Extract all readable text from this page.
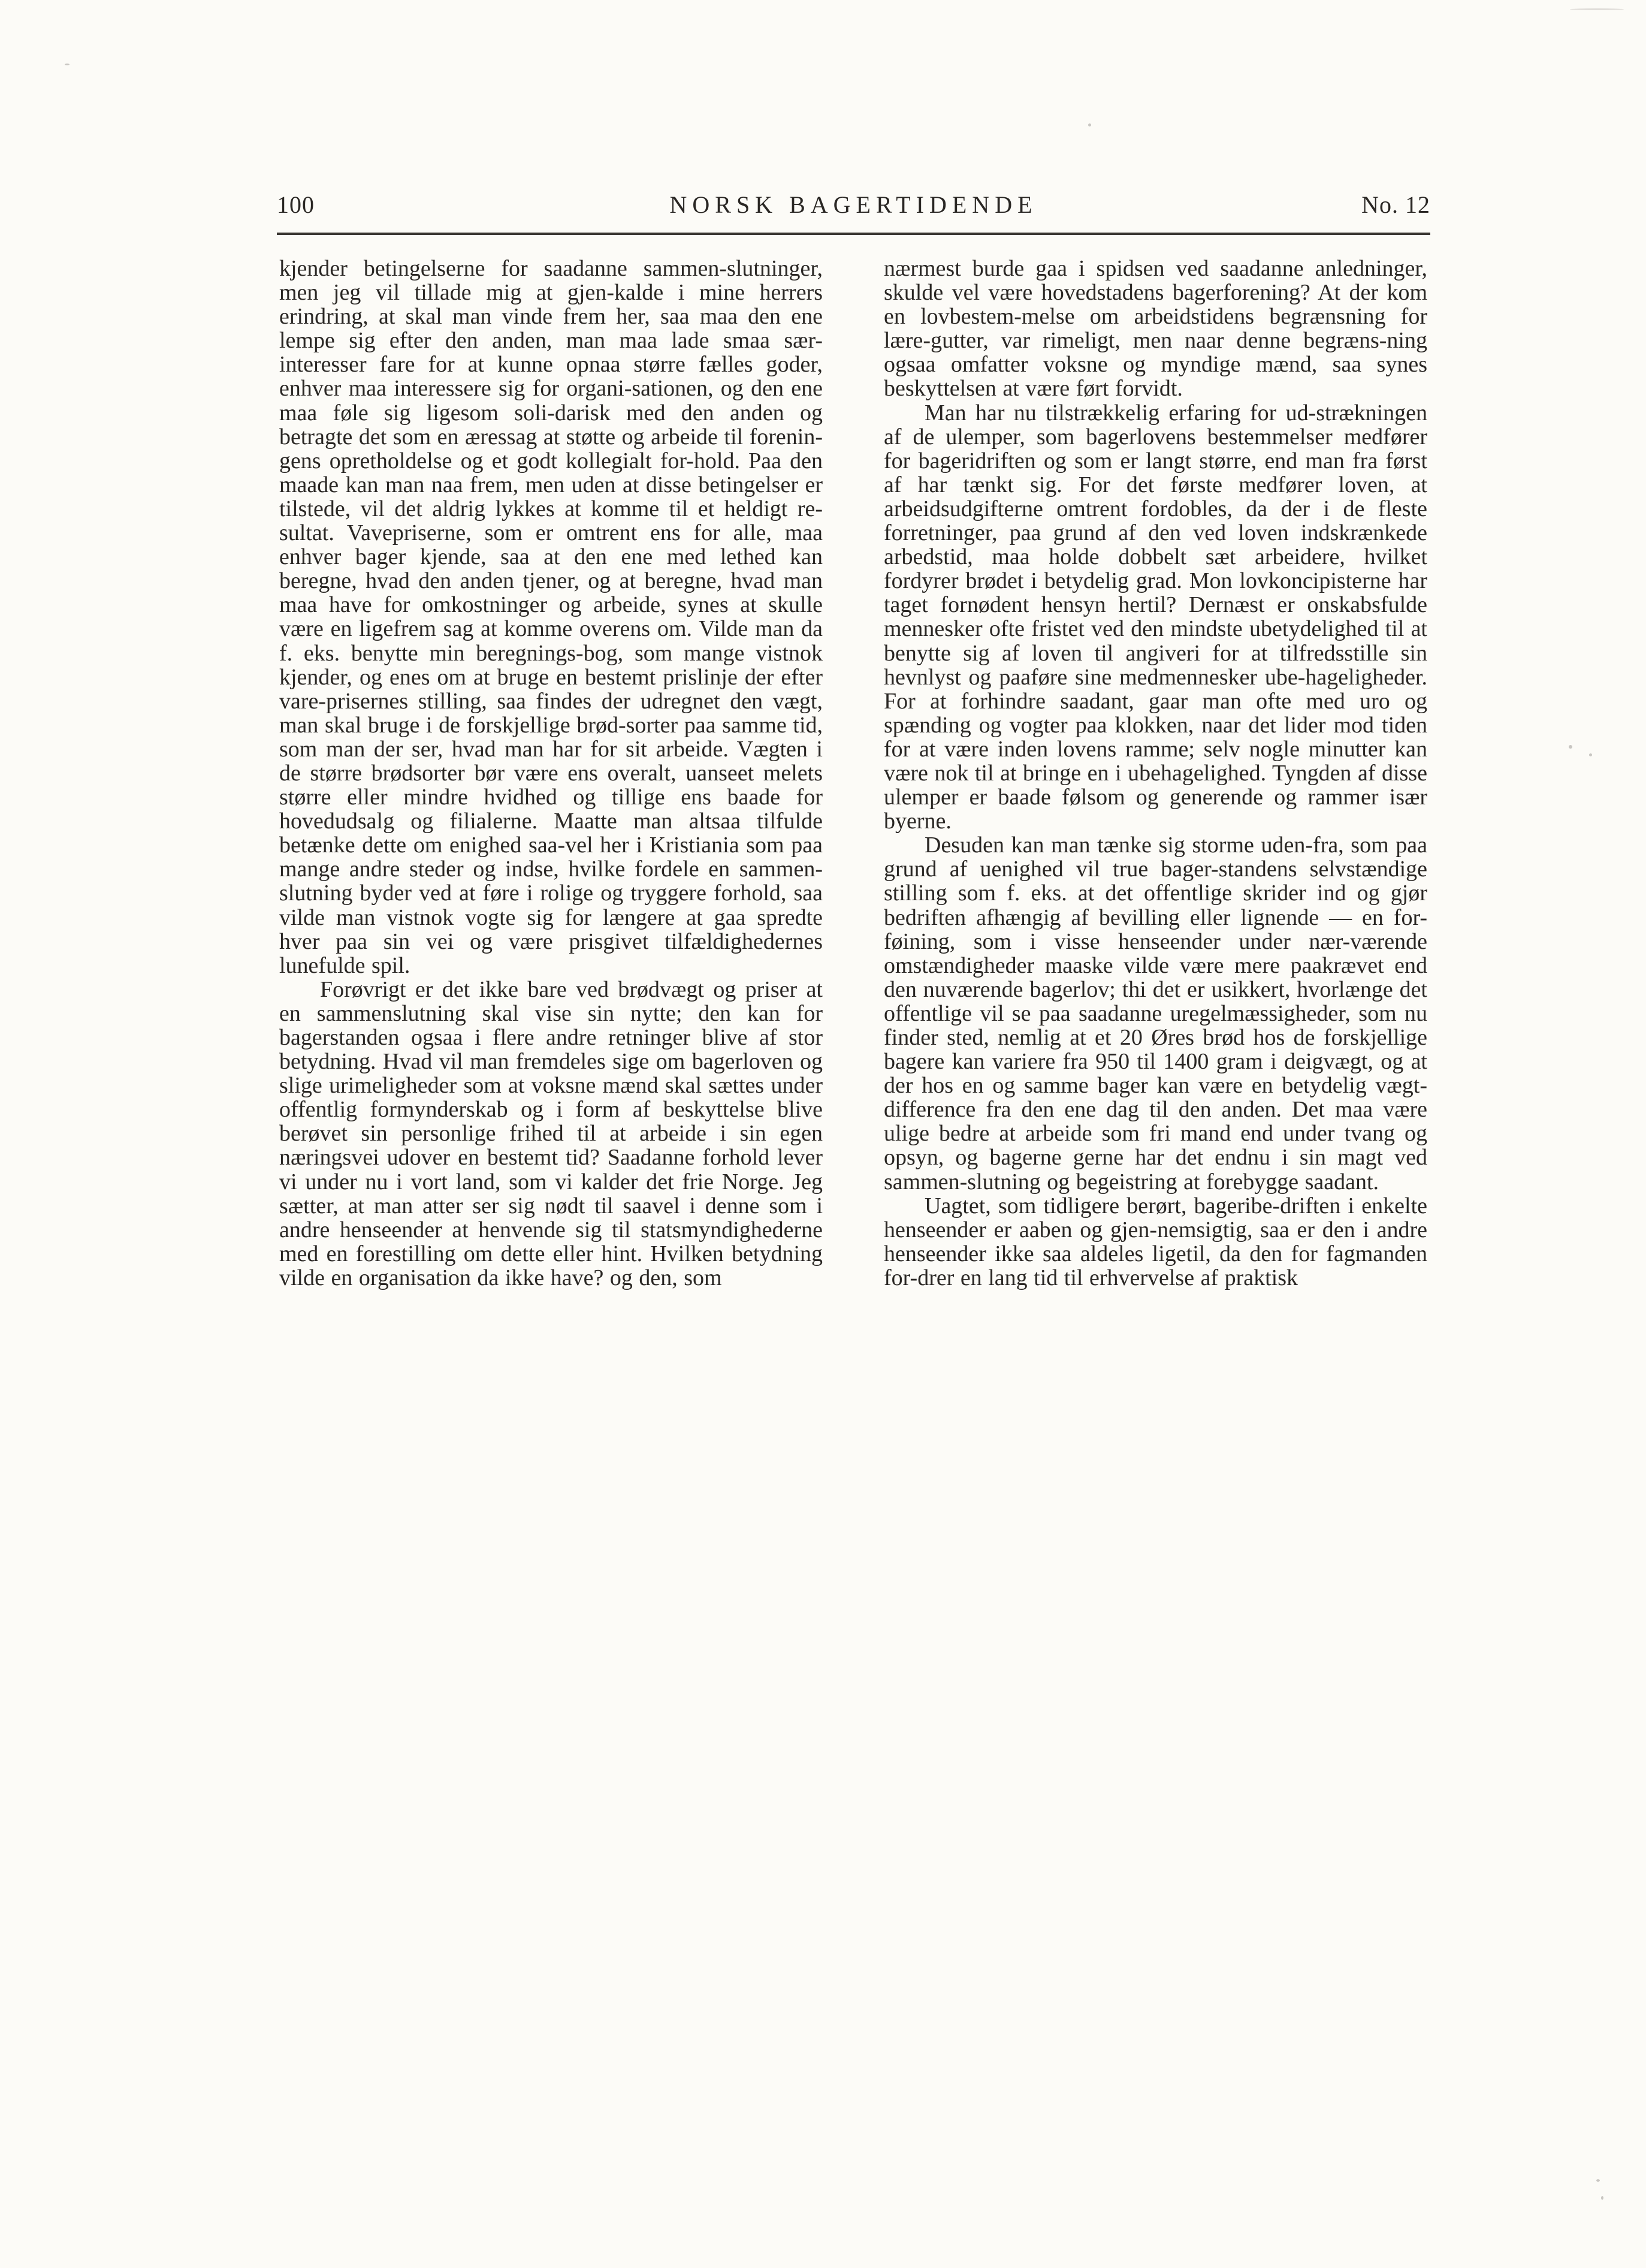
100	NORSK BAGERTIDENDE	No. 12

kjender betingelserne for saadanne sammen-slutninger, men jeg vil tillade mig at gjen-kalde i mine herrers erindring, at skal man vinde frem her, saa maa den ene lempe sig efter den anden, man maa lade smaa sær-interesser fare for at kunne opnaa større fælles goder, enhver maa interessere sig for organi-sationen, og den ene maa føle sig ligesom soli-darisk med den anden og betragte det som en æressag at støtte og arbeide til forenin-gens opretholdelse og et godt kollegialt for-hold. Paa den maade kan man naa frem, men uden at disse betingelser er tilstede, vil det aldrig lykkes at komme til et heldigt re-sultat. Vavepriserne, som er omtrent ens for alle, maa enhver bager kjende, saa at den ene med lethed kan beregne, hvad den anden tjener, og at beregne, hvad man maa have for omkostninger og arbeide, synes at skulle være en ligefrem sag at komme overens om. Vilde man da f. eks. benytte min beregnings-bog, som mange vistnok kjender, og enes om at bruge en bestemt prislinje der efter vare-prisernes stilling, saa findes der udregnet den vægt, man skal bruge i de forskjellige brød-sorter paa samme tid, som man der ser, hvad man har for sit arbeide. Vægten i de større brødsorter bør være ens overalt, uanseet melets større eller mindre hvidhed og tillige ens baade for hovedudsalg og filialerne. Maatte man altsaa tilfulde betænke dette om enighed saa-vel her i Kristiania som paa mange andre steder og indse, hvilke fordele en sammen-slutning byder ved at føre i rolige og tryggere forhold, saa vilde man vistnok vogte sig for længere at gaa spredte hver paa sin vei og være prisgivet tilfældighedernes lunefulde spil.

Forøvrigt er det ikke bare ved brødvægt og priser at en sammenslutning skal vise sin nytte; den kan for bagerstanden ogsaa i flere andre retninger blive af stor betydning. Hvad vil man fremdeles sige om bagerloven og slige urimeligheder som at voksne mænd skal sættes under offentlig formynderskab og i form af beskyttelse blive berøvet sin personlige frihed til at arbeide i sin egen næringsvei udover en bestemt tid? Saadanne forhold lever vi under nu i vort land, som vi kalder det frie Norge. Jeg sætter, at man atter ser sig nødt til saavel i denne som i andre henseender at henvende sig til statsmyndighederne med en forestilling om dette eller hint. Hvilken betydning vilde en organisation da ikke have? og den, som

nærmest burde gaa i spidsen ved saadanne anledninger, skulde vel være hovedstadens bagerforening? At der kom en lovbestem-melse om arbeidstidens begrænsning for lære-gutter, var rimeligt, men naar denne begræns-ning ogsaa omfatter voksne og myndige mænd, saa synes beskyttelsen at være ført forvidt.

Man har nu tilstrækkelig erfaring for ud-strækningen af de ulemper, som bagerlovens bestemmelser medfører for bageridriften og som er langt større, end man fra først af har tænkt sig. For det første medfører loven, at arbeidsudgifterne omtrent fordobles, da der i de fleste forretninger, paa grund af den ved loven indskrænkede arbedstid, maa holde dobbelt sæt arbeidere, hvilket fordyrer brødet i betydelig grad. Mon lovkoncipisterne har taget fornødent hensyn hertil? Dernæst er onskabsfulde mennesker ofte fristet ved den mindste ubetydelighed til at benytte sig af loven til angiveri for at tilfredsstille sin hevnlyst og paaføre sine medmennesker ube-hageligheder. For at forhindre saadant, gaar man ofte med uro og spænding og vogter paa klokken, naar det lider mod tiden for at være inden lovens ramme; selv nogle minutter kan være nok til at bringe en i ubehagelighed. Tyngden af disse ulemper er baade følsom og generende og rammer især byerne.

Desuden kan man tænke sig storme uden-fra, som paa grund af uenighed vil true bager-standens selvstændige stilling som f. eks. at det offentlige skrider ind og gjør bedriften afhængig af bevilling eller lignende — en for-føining, som i visse henseender under nær-værende omstændigheder maaske vilde være mere paakrævet end den nuværende bagerlov; thi det er usikkert, hvorlænge det offentlige vil se paa saadanne uregelmæssigheder, som nu finder sted, nemlig at et 20 Øres brød hos de forskjellige bagere kan variere fra 950 til 1400 gram i deigvægt, og at der hos en og samme bager kan være en betydelig vægt-difference fra den ene dag til den anden. Det maa være ulige bedre at arbeide som fri mand end under tvang og opsyn, og bagerne gerne har det endnu i sin magt ved sammen-slutning og begeistring at forebygge saadant.

Uagtet, som tidligere berørt, bageribe-driften i enkelte henseender er aaben og gjen-nemsigtig, saa er den i andre henseender ikke saa aldeles ligetil, da den for fagmanden for-drer en lang tid til erhvervelse af praktisk
